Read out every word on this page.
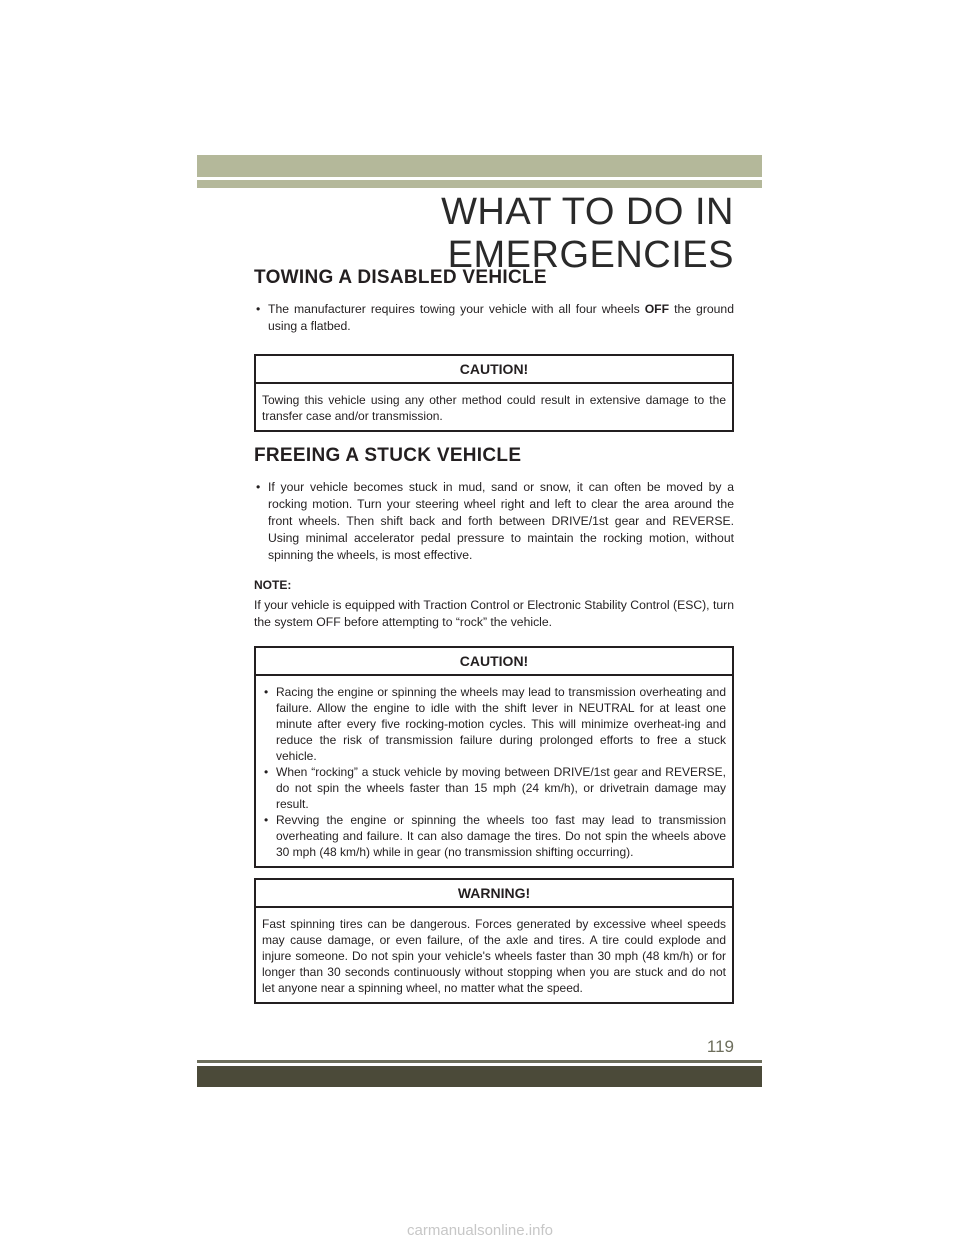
WHAT TO DO IN EMERGENCIES
TOWING A DISABLED VEHICLE
• The manufacturer requires towing your vehicle with all four wheels OFF the ground using a flatbed.
CAUTION!
Towing this vehicle using any other method could result in extensive damage to the transfer case and/or transmission.
FREEING A STUCK VEHICLE
• If your vehicle becomes stuck in mud, sand or snow, it can often be moved by a rocking motion. Turn your steering wheel right and left to clear the area around the front wheels. Then shift back and forth between DRIVE/1st gear and REVERSE. Using minimal accelerator pedal pressure to maintain the rocking motion, without spinning the wheels, is most effective.

NOTE:

If your vehicle is equipped with Traction Control or Electronic Stability Control (ESC), turn the system OFF before attempting to “rock” the vehicle.

CAUTION!
• Racing the engine or spinning the wheels may lead to transmission overheating and failure. Allow the engine to idle with the shift lever in NEUTRAL for at least one minute after every five rocking-motion cycles. This will minimize overheat-ing and reduce the risk of transmission failure during prolonged efforts to free a stuck vehicle.
• When “rocking” a stuck vehicle by moving between DRIVE/1st gear and REVERSE, do not spin the wheels faster than 15 mph (24 km/h), or drivetrain damage may result.
• Revving the engine or spinning the wheels too fast may lead to transmission overheating and failure. It can also damage the tires. Do not spin the wheels above 30 mph (48 km/h) while in gear (no transmission shifting occurring).
WARNING!
Fast spinning tires can be dangerous. Forces generated by excessive wheel speeds may cause damage, or even failure, of the axle and tires. A tire could explode and injure someone. Do not spin your vehicle's wheels faster than 30 mph (48 km/h) or for longer than 30 seconds continuously without stopping when you are stuck and do not let anyone near a spinning wheel, no matter what the speed.
119
carmanualsonline.info
